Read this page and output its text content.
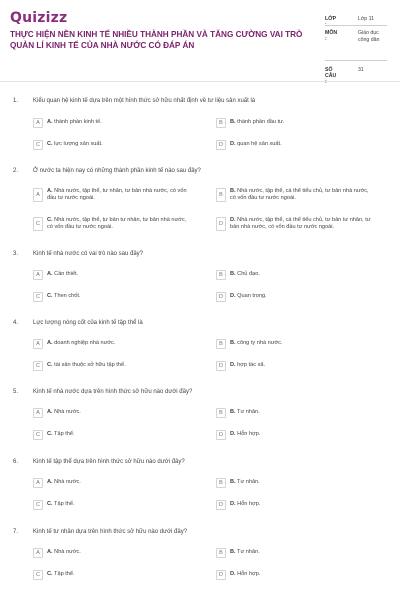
Quizizz
THỰC HIỆN NỀN KINH TẾ NHIỀU THÀNH PHẦN VÀ TĂNG CƯỜNG VAI TRÒ QUẢN LÍ KINH TẾ CỦA NHÀ NƯỚC CÓ ĐÁP ÁN
LỚP	Lớp 11
MÔN :
Giáo dục công dân
SỐ CÂU :
31
1. Kiểu quan hệ kinh tế dựa trên một hình thức sở hữu nhất định về tư liệu sản xuất là
A	A. thành phần kinh tế.	B	B. thành phần đầu tư.
C	C. lực lượng sản xuất.	D	D. quan hệ sản xuất.
2. Ở nước ta hiện nay có những thành phần kinh tế nào sau đây?
A
A. Nhà nước, tập thể, tư nhân, tư bản nhà nước, có vốn đầu tư nước ngoài.	B
B. Nhà nước, tập thể, cá thể tiểu chủ, tư bản nhà nước, có vốn đầu tư nước ngoài.
C
C. Nhà nước, tập thể, tư bản tư nhân, tư bản nhà nước, có vốn đầu tư nước ngoài.	D
D. Nhà nước, tập thể, cá thể tiểu chủ, tư bản tư nhân, tư bản nhà nước, có vốn đầu tư nước ngoài.
3. Kinh tế nhà nước có vai trò nào sau đây?
A	A. Cần thiết.	B	B. Chủ đạo.
C	C. Then chốt.	D	D. Quan trọng.
4. Lực lượng nòng cốt của kinh tế tập thể là
A	A. doanh nghiệp nhà nước.	B	B. công ty nhà nước.
C	C. tài sản thuộc sở hữu tập thể.	D	D. hợp tác xã.
5. Kinh tế nhà nước dựa trên hình thức sở hữu nào dưới đây?
A	A. Nhà nước.	B	B. Tư nhân.
C	C. Tập thể.	D	D. Hỗn hợp.
6. Kinh tế tập thể dựa trên hình thức sở hữu nào dưới đây?
A	A. Nhà nước.	B	B. Tư nhân.
C	C. Tập thể.	D	D. Hỗn hợp.
7. Kinh tế tư nhân dựa trên hình thức sở hữu nào dưới đây?
A	A. Nhà nước.	B	B. Tư nhân.
C	C. Tập thể.	D	D. Hỗn hợp.
